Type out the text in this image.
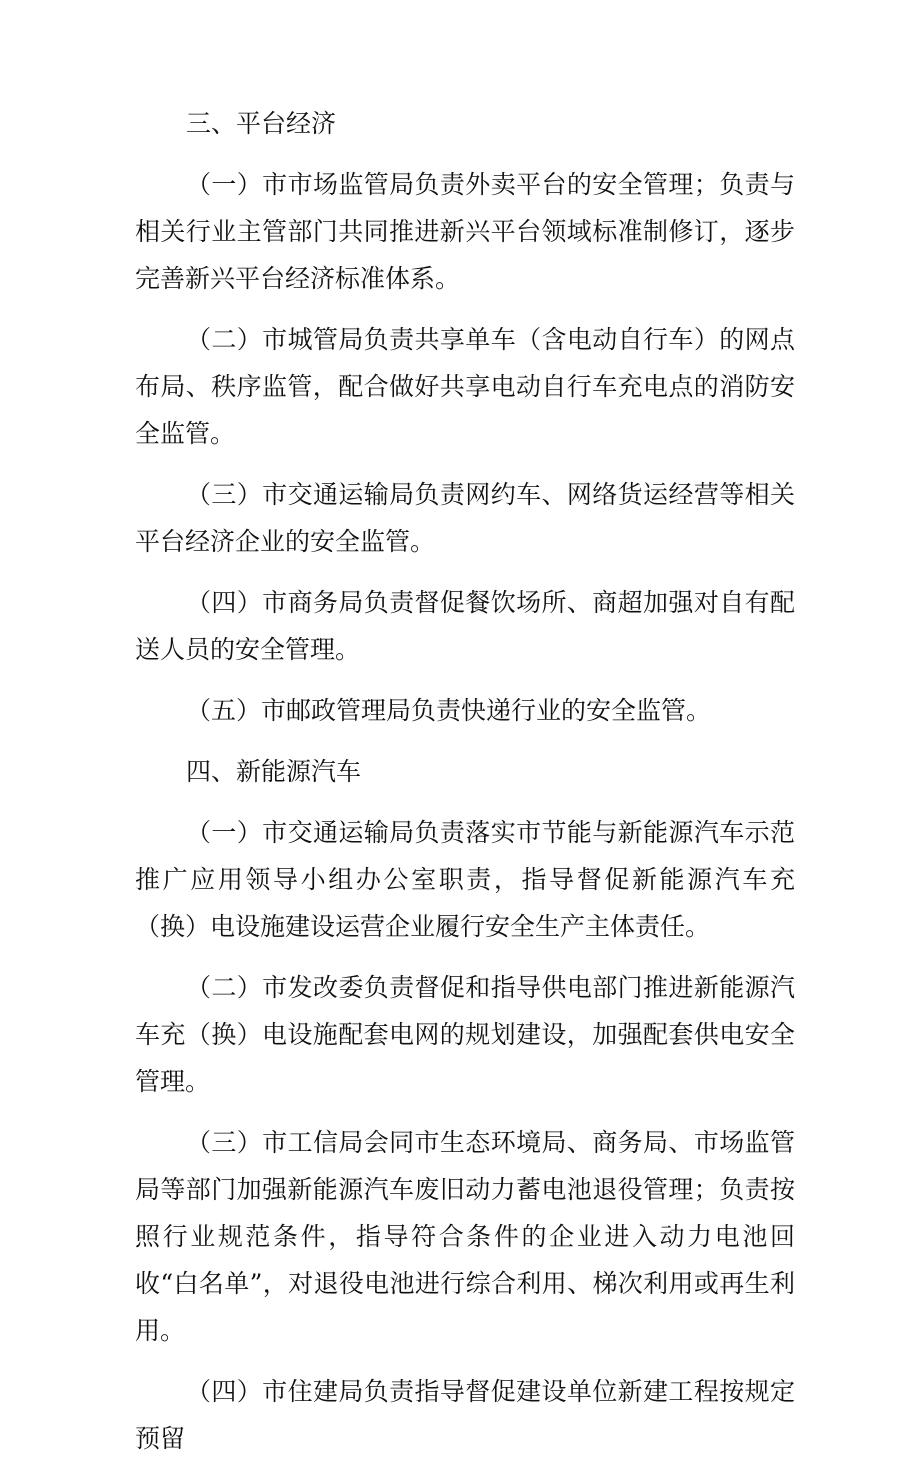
三、平台经济

（一）市市场监管局负责外卖平台的安全管理；负责与相关行业主管部门共同推进新兴平台领域标准制修订，逐步完善新兴平台经济标准体系。

（二）市城管局负责共享单车（含电动自行车）的网点布局、秩序监管，配合做好共享电动自行车充电点的消防安全监管。

（三）市交通运输局负责网约车、网络货运经营等相关平台经济企业的安全监管。

（四）市商务局负责督促餐饮场所、商超加强对自有配送人员的安全管理。

（五）市邮政管理局负责快递行业的安全监管。

四、新能源汽车

（一）市交通运输局负责落实市节能与新能源汽车示范推广应用领导小组办公室职责，指导督促新能源汽车充（换）电设施建设运营企业履行安全生产主体责任。

（二）市发改委负责督促和指导供电部门推进新能源汽车充（换）电设施配套电网的规划建设，加强配套供电安全管理。

（三）市工信局会同市生态环境局、商务局、市场监管局等部门加强新能源汽车废旧动力蓄电池退役管理；负责按照行业规范条件，指导符合条件的企业进入动力电池回收“白名单”，对退役电池进行综合利用、梯次利用或再生利用。

（四）市住建局负责指导督促建设单位新建工程按规定预留
